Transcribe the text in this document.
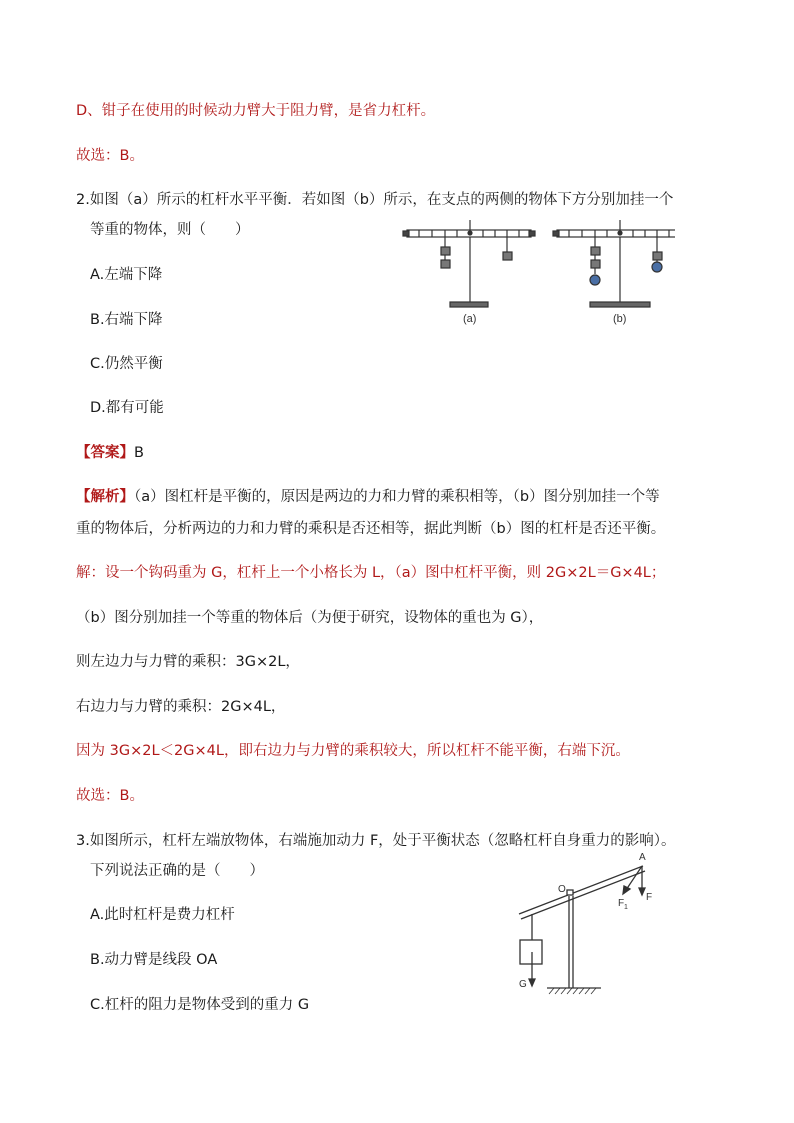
D、钳子在使用的时候动力臂大于阻力臂，是省力杠杆。
故选：B。
2.如图（a）所示的杠杆水平平衡．若如图（b）所示，在支点的两侧的物体下方分别加挂一个
等重的物体，则（　　）
A.左端下降
B.右端下降
C.仍然平衡
D.都有可能
(a)	(b)
【答案】B
【解析】（a）图杠杆是平衡的，原因是两边的力和力臂的乘积相等，（b）图分别加挂一个等
重的物体后，分析两边的力和力臂的乘积是否还相等，据此判断（b）图的杠杆是否还平衡。
解：设一个钩码重为 G，杠杆上一个小格长为 L，（a）图中杠杆平衡，则 2G×2L＝G×4L；
（b）图分别加挂一个等重的物体后（为便于研究，设物体的重也为 G），
则左边力与力臂的乘积：3G×2L，
右边力与力臂的乘积：2G×4L，
因为 3G×2L＜2G×4L，即右边力与力臂的乘积较大，所以杠杆不能平衡，右端下沉。
故选：B。
3.如图所示，杠杆左端放物体，右端施加动力 F，处于平衡状态（忽略杠杆自身重力的影响）。
下列说法正确的是（　　）
A.此时杠杆是费力杠杆
B.动力臂是线段 OA
C.杠杆的阻力是物体受到的重力 G
A
O
F
F 1
G
